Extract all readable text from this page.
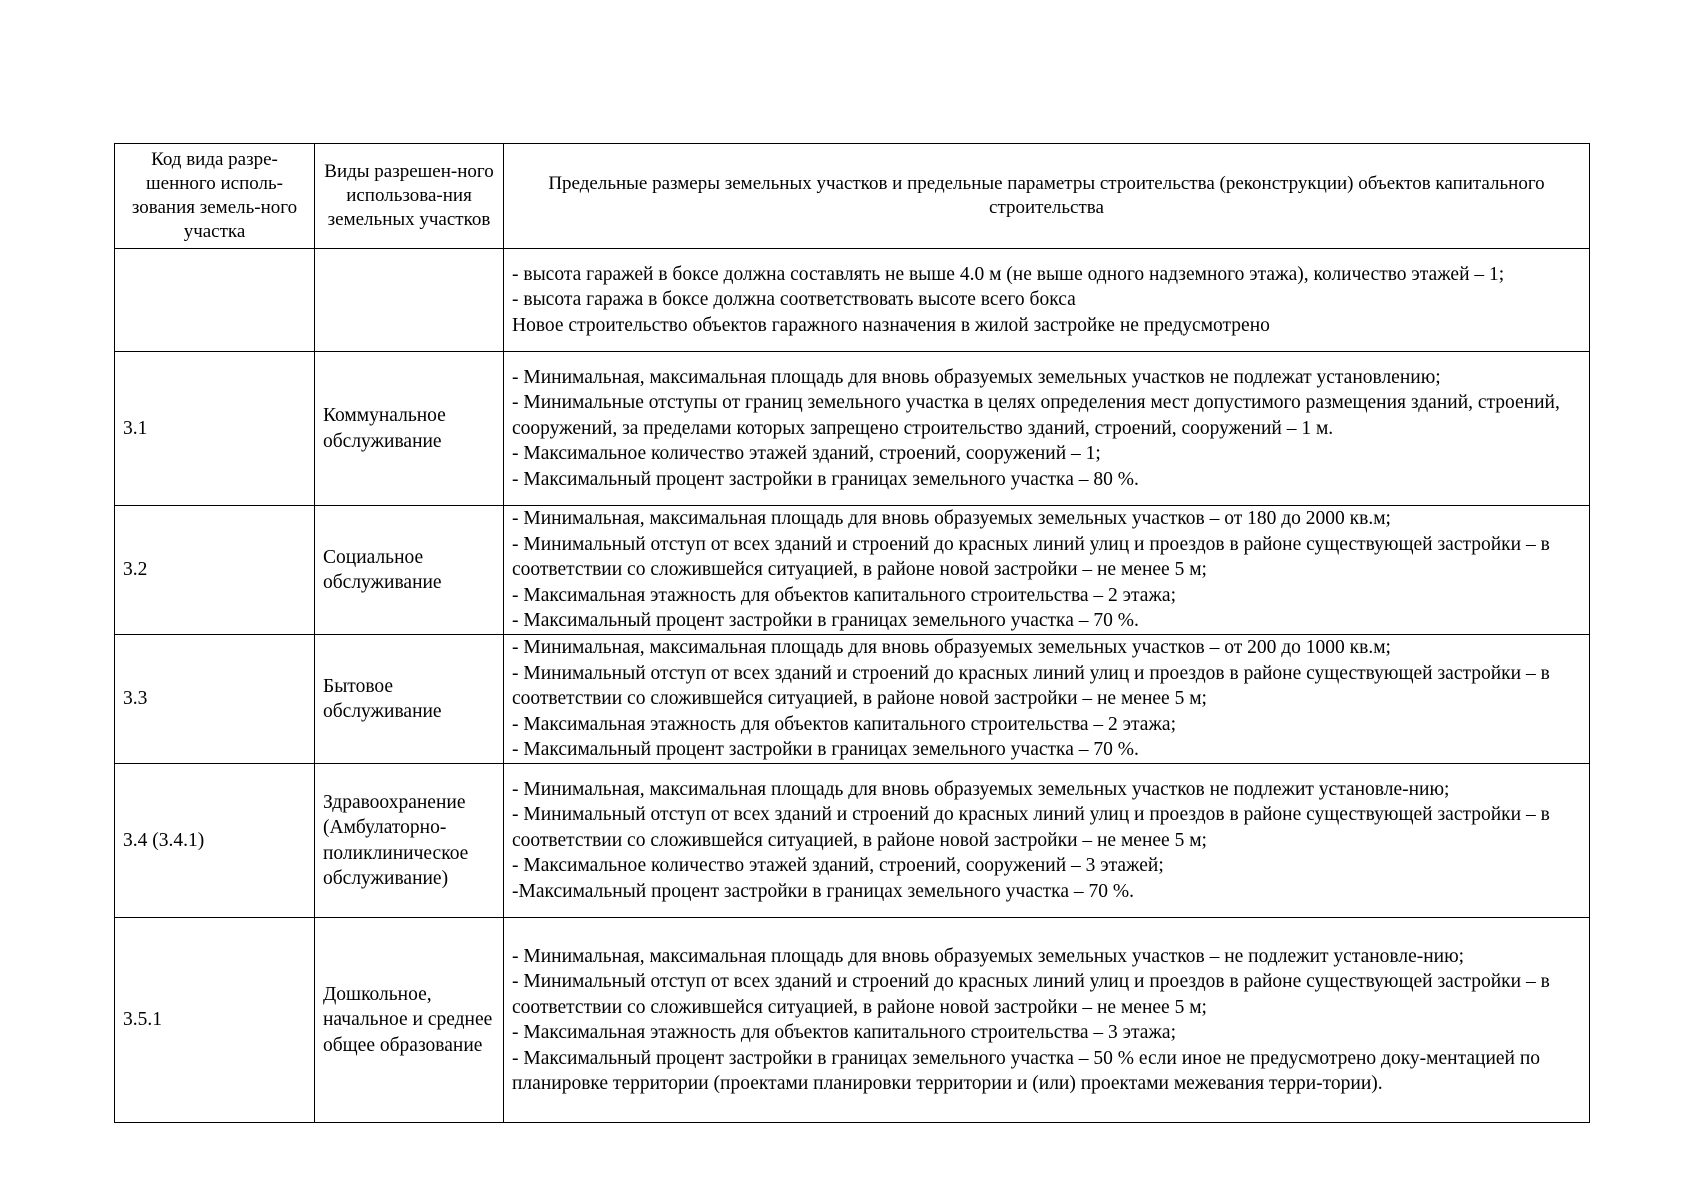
Код вида разре-шенного исполь-зования земель-ного участка	Виды разрешен-ного использова-ния земельных участков	Предельные размеры земельных участков и предельные параметры строительства (реконструкции) объектов капитального строительства

		- высота гаражей в боксе должна составлять не выше 4.0 м (не выше одного надземного этажа), количество этажей – 1;
- высота гаража в боксе должна соответствовать высоте всего бокса
Новое строительство объектов гаражного назначения в жилой застройке не предусмотрено

3.1	Коммунальное обслуживание	- Минимальная, максимальная площадь для вновь образуемых земельных участков не подлежат установлению;
- Минимальные отступы от границ земельного участка в целях определения мест допустимого размещения зданий, строений, сооружений, за пределами которых запрещено строительство зданий, строений, сооружений – 1 м.
- Максимальное количество этажей зданий, строений, сооружений – 1;
- Максимальный процент застройки в границах земельного участка – 80 %.

3.2	Социальное обслуживание	- Минимальная, максимальная площадь для вновь образуемых земельных участков – от 180 до 2000 кв.м;
- Минимальный отступ от всех зданий и строений до красных линий улиц и проездов в районе существующей застройки – в соответствии со сложившейся ситуацией, в районе новой застройки – не менее 5 м;
- Максимальная этажность для объектов капитального строительства – 2 этажа;
- Максимальный процент застройки в границах земельного участка – 70 %.

3.3	Бытовое обслуживание	- Минимальная, максимальная площадь для вновь образуемых земельных участков – от 200 до 1000 кв.м;
- Минимальный отступ от всех зданий и строений до красных линий улиц и проездов в районе существующей застройки – в соответствии со сложившейся ситуацией, в районе новой застройки – не менее 5 м;
- Максимальная этажность для объектов капитального строительства – 2 этажа;
- Максимальный процент застройки в границах земельного участка – 70 %.

3.4 (3.4.1)	Здравоохранение (Амбулаторно-поликлиническое обслуживание)	- Минимальная, максимальная площадь для вновь образуемых земельных участков не подлежит установле-нию;
- Минимальный отступ от всех зданий и строений до красных линий улиц и проездов в районе существующей застройки – в соответствии со сложившейся ситуацией, в районе новой застройки – не менее 5 м;
- Максимальное количество этажей зданий, строений, сооружений – 3 этажей;
-Максимальный процент застройки в границах земельного участка – 70 %.

3.5.1	Дошкольное, начальное и среднее общее образование	- Минимальная, максимальная площадь для вновь образуемых земельных участков – не подлежит установле-нию;
- Минимальный отступ от всех зданий и строений до красных линий улиц и проездов в районе существующей застройки – в соответствии со сложившейся ситуацией, в районе новой застройки – не менее 5 м;
- Максимальная этажность для объектов капитального строительства – 3 этажа;
- Максимальный процент застройки в границах земельного участка – 50 % если иное не предусмотрено доку-ментацией по планировке территории (проектами планировки территории и (или) проектами межевания терри-тории).
